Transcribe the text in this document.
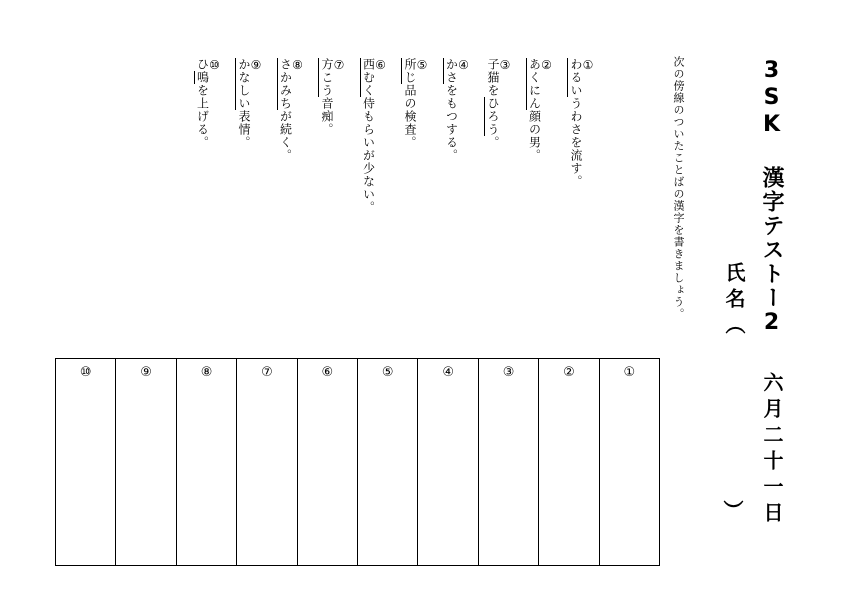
3SK 漢字テストー2
六月二十一日
氏名（
）
次の傍線のついたことばの漢字を書きましょう。
①
わるいうわさを流す。
②
あくにん顔の男。
③
子猫をひろう。
④
かさをもつする。
⑤
所じ品の検査。
⑥
西むく侍もらいが少ない。
⑦
方こう音痴。
⑧
さかみちが続く。
⑨
かなしい表情。
⑩
ひ鳴を上げる。
⑩	⑨	⑧	⑦	⑥	⑤	④	③	②	①
